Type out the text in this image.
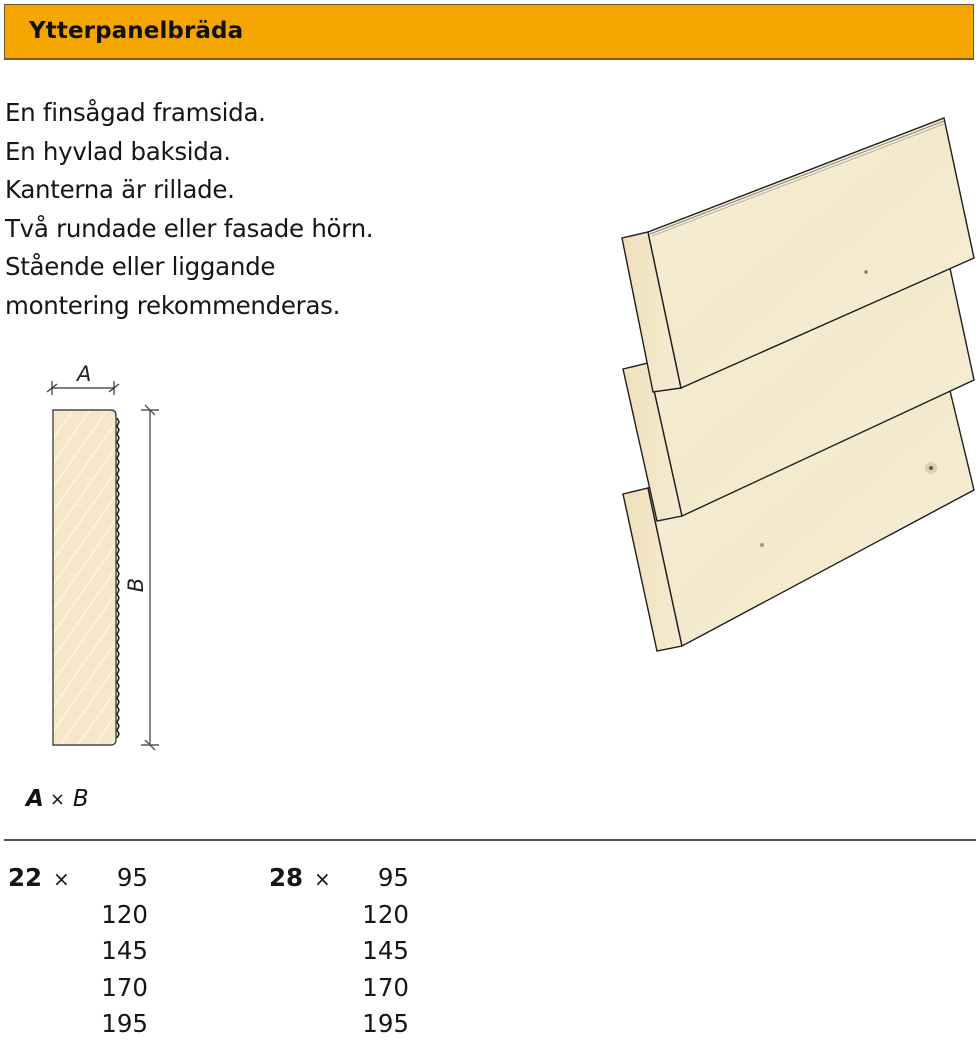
Ytterpanelbräda
En finsågad framsida.
En hyvlad baksida.
Kanterna är rillade.
Två rundade eller fasade hörn.
Stående eller liggande
montering rekommenderas.
A
B
A × B
22 × 95
120
145
170
195
28 × 95
120
145
170
195
